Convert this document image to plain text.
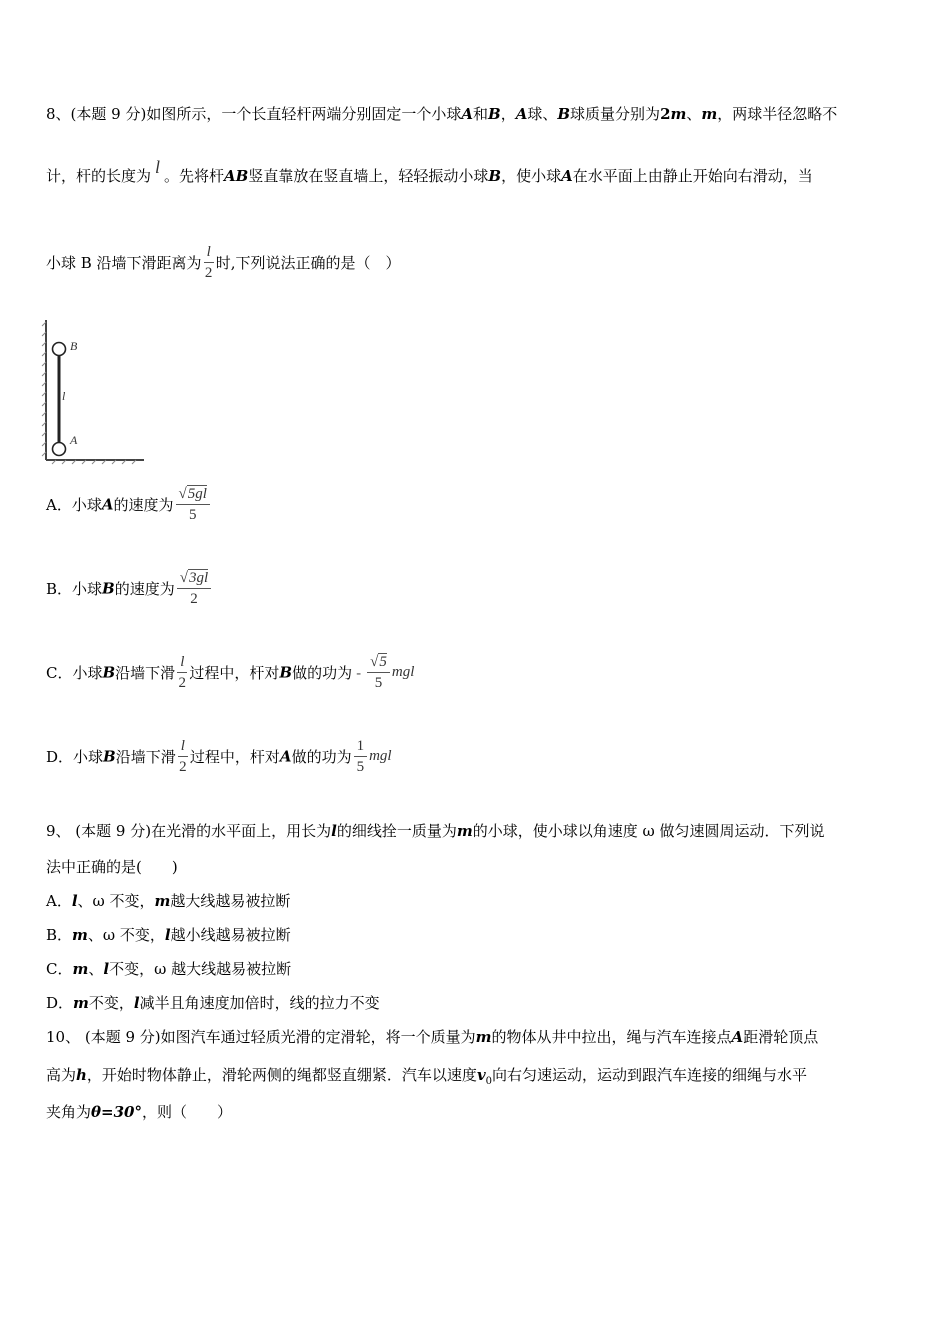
8、(本题 9 分)如图所示，一个长直轻杆两端分别固定一个小球A和B，A球、B球质量分别为2m、m，两球半径忽略不
计，杆的长度为 l 。先将杆AB竖直靠放在竖直墙上，轻轻振动小球B，使小球A在水平面上由静止开始向右滑动，当
小球 B 沿墙下滑距离为 $\frac{l}{2}$ 时,下列说法正确的是（　）
B
A
l
A．小球A的速度为 $\frac{√5gl}{5}$
B．小球B的速度为 $\frac{√3gl}{2}$
C．小球B沿墙下滑 $\frac{l}{2}$ 过程中，杆对B做的功为 - $\frac{√5}{5}$ mgl
D．小球B沿墙下滑 $\frac{l}{2}$ 过程中，杆对A做的功为 $\frac{1}{5}$ mgl
9、 (本题 9 分)在光滑的水平面上，用长为l的细线拴一质量为m的小球，使小球以角速度 ω 做匀速圆周运动．下列说
法中正确的是(　　)
A．l、ω 不变，m越大线越易被拉断
B．m、ω 不变，l越小线越易被拉断
C．m、l不变，ω 越大线越易被拉断
D．m不变，l减半且角速度加倍时，线的拉力不变
10、 (本题 9 分)如图汽车通过轻质光滑的定滑轮，将一个质量为m的物体从井中拉出，绳与汽车连接点A距滑轮顶点
高为h，开始时物体静止，滑轮两侧的绳都竖直绷紧．汽车以速度$v_0$向右匀速运动，运动到跟汽车连接的细绳与水平
夹角为θ=30°，则（　　）
